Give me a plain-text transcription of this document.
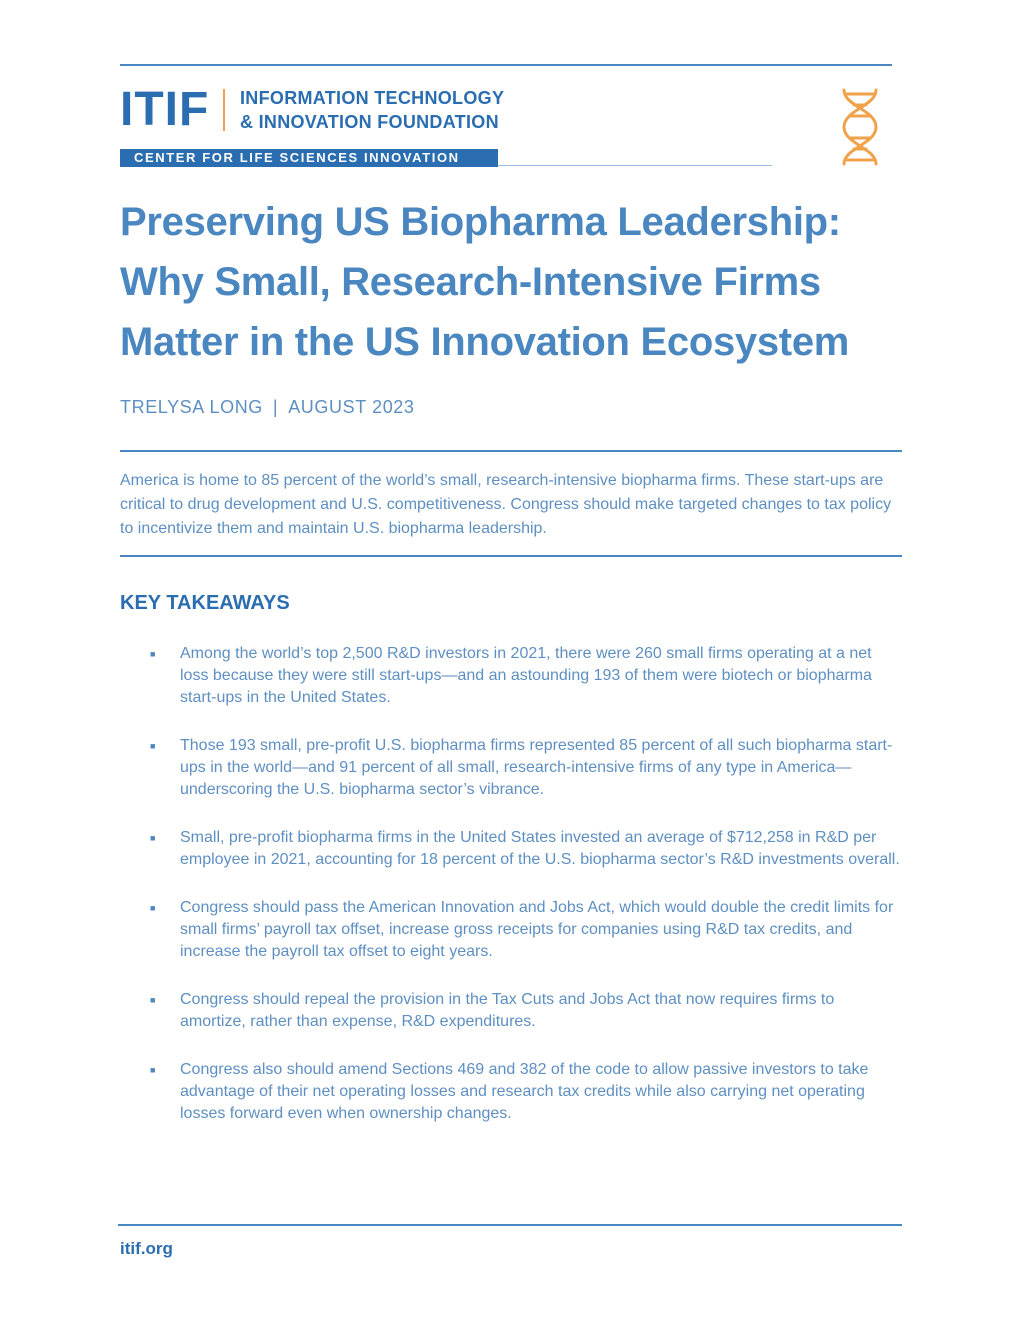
ITIF INFORMATION TECHNOLOGY
& INNOVATION FOUNDATION
CENTER FOR LIFE SCIENCES INNOVATION
Preserving US Biopharma Leadership: Why Small, Research-Intensive Firms Matter in the US Innovation Ecosystem
TRELYSA LONG | AUGUST 2023

America is home to 85 percent of the world’s small, research-intensive biopharma firms. These start-ups are critical to drug development and U.S. competitiveness. Congress should make targeted changes to tax policy to incentivize them and maintain U.S. biopharma leadership.

KEY TAKEAWAYS
■	Among the world’s top 2,500 R&D investors in 2021, there were 260 small firms operating at a net loss because they were still start-ups—and an astounding 193 of them were biotech or biopharma start-ups in the United States.
■	Those 193 small, pre-profit U.S. biopharma firms represented 85 percent of all such biopharma start-ups in the world—and 91 percent of all small, research-intensive firms of any type in America—underscoring the U.S. biopharma sector’s vibrance.
■	Small, pre-profit biopharma firms in the United States invested an average of $712,258 in R&D per employee in 2021, accounting for 18 percent of the U.S. biopharma sector’s R&D investments overall.
■	Congress should pass the American Innovation and Jobs Act, which would double the credit limits for small firms’ payroll tax offset, increase gross receipts for companies using R&D tax credits, and increase the payroll tax offset to eight years.
■	Congress should repeal the provision in the Tax Cuts and Jobs Act that now requires firms to amortize, rather than expense, R&D expenditures.
■	Congress also should amend Sections 469 and 382 of the code to allow passive investors to take advantage of their net operating losses and research tax credits while also carrying net operating losses forward even when ownership changes.
itif.org
